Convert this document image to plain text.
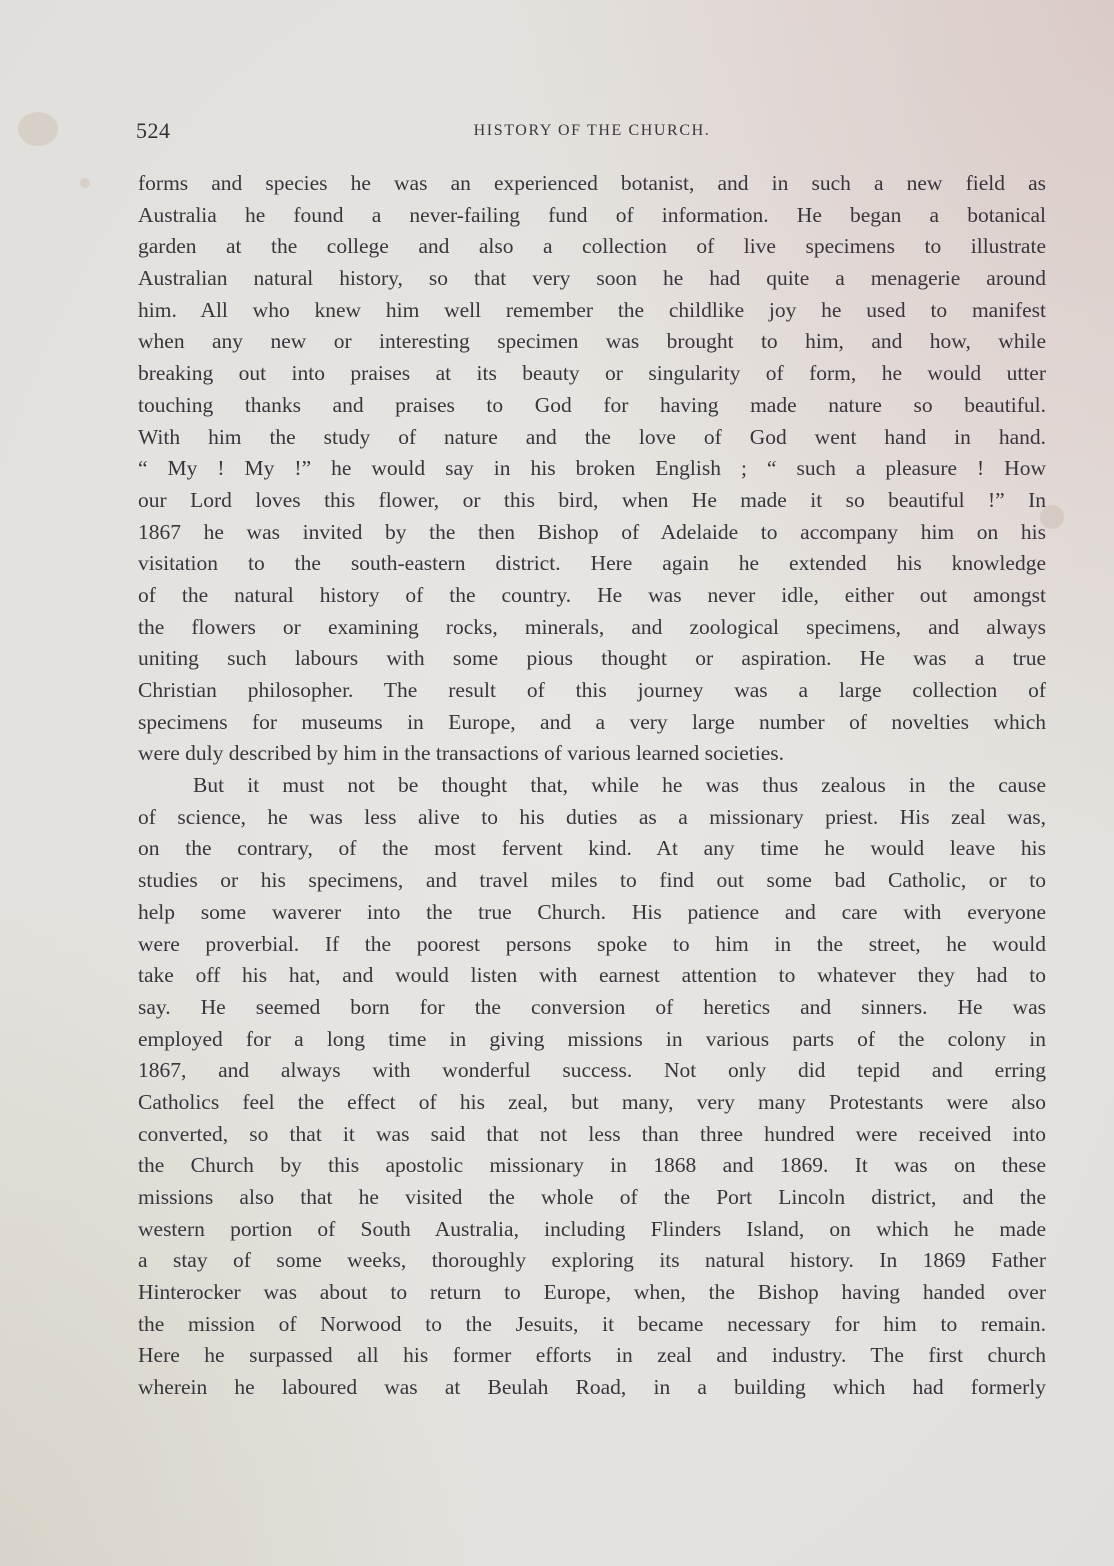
524	HISTORY OF THE CHURCH.
forms and species he was an experienced botanist, and in such a new field as
Australia he found a never-failing fund of information. He began a botanical
garden at the college and also a collection of live specimens to illustrate
Australian natural history, so that very soon he had quite a menagerie around
him. All who knew him well remember the childlike joy he used to manifest
when any new or interesting specimen was brought to him, and how, while
breaking out into praises at its beauty or singularity of form, he would utter
touching thanks and praises to God for having made nature so beautiful.
With him the study of nature and the love of God went hand in hand.
“ My ! My !” he would say in his broken English ; “ such a pleasure ! How
our Lord loves this flower, or this bird, when He made it so beautiful !” In
1867 he was invited by the then Bishop of Adelaide to accompany him on his
visitation to the south-eastern district. Here again he extended his knowledge
of the natural history of the country. He was never idle, either out amongst
the flowers or examining rocks, minerals, and zoological specimens, and always
uniting such labours with some pious thought or aspiration. He was a true
Christian philosopher. The result of this journey was a large collection of
specimens for museums in Europe, and a very large number of novelties which
were duly described by him in the transactions of various learned societies.
But it must not be thought that, while he was thus zealous in the cause
of science, he was less alive to his duties as a missionary priest. His zeal was,
on the contrary, of the most fervent kind. At any time he would leave his
studies or his specimens, and travel miles to find out some bad Catholic, or to
help some waverer into the true Church. His patience and care with everyone
were proverbial. If the poorest persons spoke to him in the street, he would
take off his hat, and would listen with earnest attention to whatever they had to
say. He seemed born for the conversion of heretics and sinners. He was
employed for a long time in giving missions in various parts of the colony in
1867, and always with wonderful success. Not only did tepid and erring
Catholics feel the effect of his zeal, but many, very many Protestants were also
converted, so that it was said that not less than three hundred were received into
the Church by this apostolic missionary in 1868 and 1869. It was on these
missions also that he visited the whole of the Port Lincoln district, and the
western portion of South Australia, including Flinders Island, on which he made
a stay of some weeks, thoroughly exploring its natural history. In 1869 Father
Hinterocker was about to return to Europe, when, the Bishop having handed over
the mission of Norwood to the Jesuits, it became necessary for him to remain.
Here he surpassed all his former efforts in zeal and industry. The first church
wherein he laboured was at Beulah Road, in a building which had formerly
